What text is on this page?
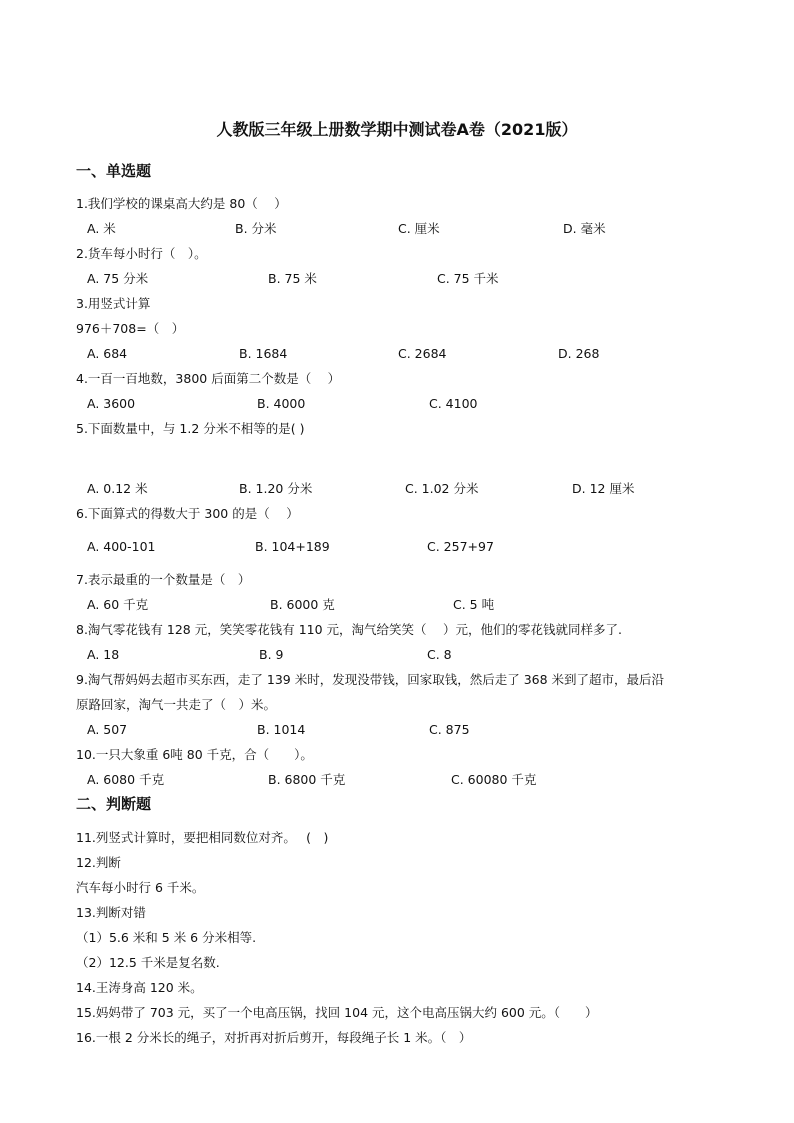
人教版三年级上册数学期中测试卷A卷（2021版）
一、单选题
1.我们学校的课桌高大约是 80（　 ）
A. 米	B. 分米	C. 厘米	D. 毫米
2.货车每小时行（　）。
A. 75 分米	B. 75 米	C. 75 千米
3.用竖式计算
976＋708=（　）
A. 684	B. 1684	C. 2684	D. 268
4.一百一百地数，3800 后面第二个数是（　 ）
A. 3600	B. 4000	C. 4100
5.下面数量中，与 1.2 分米不相等的是( )
A. 0.12 米	B. 1.20 分米	C. 1.02 分米	D. 12 厘米
6.下面算式的得数大于 300 的是（　 ）
A. 400-101	B. 104+189	C. 257+97
7.表示最重的一个数量是（　）
A. 60 千克	B. 6000 克	C. 5 吨
8.淘气零花钱有 128 元，笑笑零花钱有 110 元，淘气给笑笑（　 ）元，他们的零花钱就同样多了.
A. 18	B. 9	C. 8
9.淘气帮妈妈去超市买东西，走了 139 米时，发现没带钱，回家取钱，然后走了 368 米到了超市，最后沿
原路回家，淘气一共走了（　）米。
A. 507	B. 1014	C. 875
10.一只大象重 6吨 80 千克，合（　　）。
A. 6080 千克	B. 6800 千克	C. 60080 千克
二、判断题
11.列竖式计算时，要把相同数位对齐。　 (　)
12.判断
汽车每小时行 6 千米。
13.判断对错
（1）5.6 米和 5 米 6 分米相等.
（2）12.5 千米是复名数.
14.王涛身高 120 米。
15.妈妈带了 703 元，买了一个电高压锅，找回 104 元，这个电高压锅大约 600 元。（　　）
16.一根 2 分米长的绳子，对折再对折后剪开，每段绳子长 1 米。（　）
